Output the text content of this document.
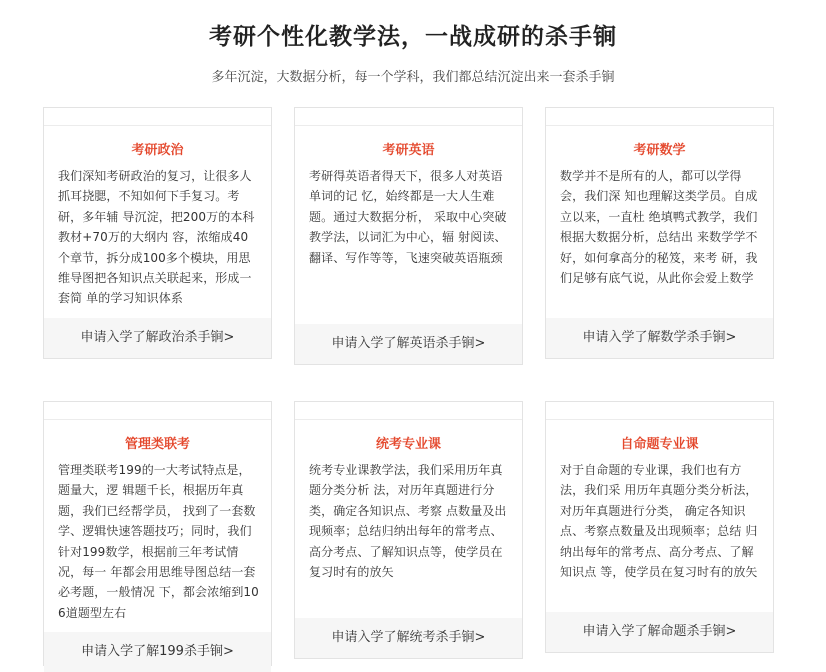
考研个性化教学法，一战成研的杀手锏
多年沉淀，大数据分析，每一个学科，我们都总结沉淀出来一套杀手锏
考研政治
我们深知考研政治的复习，让很多人抓耳挠腮，不知如何下手复习。考研，多年辅 导沉淀，把200万的本科教材+70万的大纲内 容，浓缩成40个章节，拆分成100多个模块，用思维导图把各知识点关联起来，形成一套简 单的学习知识体系
申请入学了解政治杀手锏>
考研英语
考研得英语者得天下，很多人对英语单词的记 忆，始终都是一大人生难题。通过大数据分析， 采取中心突破教学法，以词汇为中心，辐 射阅读、翻译、写作等等，飞速突破英语瓶颈
申请入学了解英语杀手锏>
考研数学
数学并不是所有的人，都可以学得会，我们深 知也理解这类学员。自成立以来，一直杜 绝填鸭式教学，我们根据大数据分析，总结出 来数学学不好，如何拿高分的秘笈，来考 研，我们足够有底气说，从此你会爱上数学
申请入学了解数学杀手锏>
管理类联考
管理类联考199的一大考试特点是，题量大，逻 辑题千长，根据历年真题，我们已经帮学员， 找到了一套数学、逻辑快速答题技巧；同时，我们针对199数学，根据前三年考试情况，每一 年都会用思维导图总结一套必考题，一般情况 下，都会浓缩到106道题型左右
申请入学了解199杀手锏>
统考专业课
统考专业课教学法，我们采用历年真题分类分析 法，对历年真题进行分类，确定各知识点、考察 点数量及出现频率；总结归纳出每年的常考点、高分考点、了解知识点等，使学员在复习时有的放矢
申请入学了解统考杀手锏>
自命题专业课
对于自命题的专业课，我们也有方法，我们采 用历年真题分类分析法，对历年真题进行分类， 确定各知识点、考察点数量及出现频率；总结 归纳出每年的常考点、高分考点、了解知识点 等，使学员在复习时有的放矢
申请入学了解命题杀手锏>
